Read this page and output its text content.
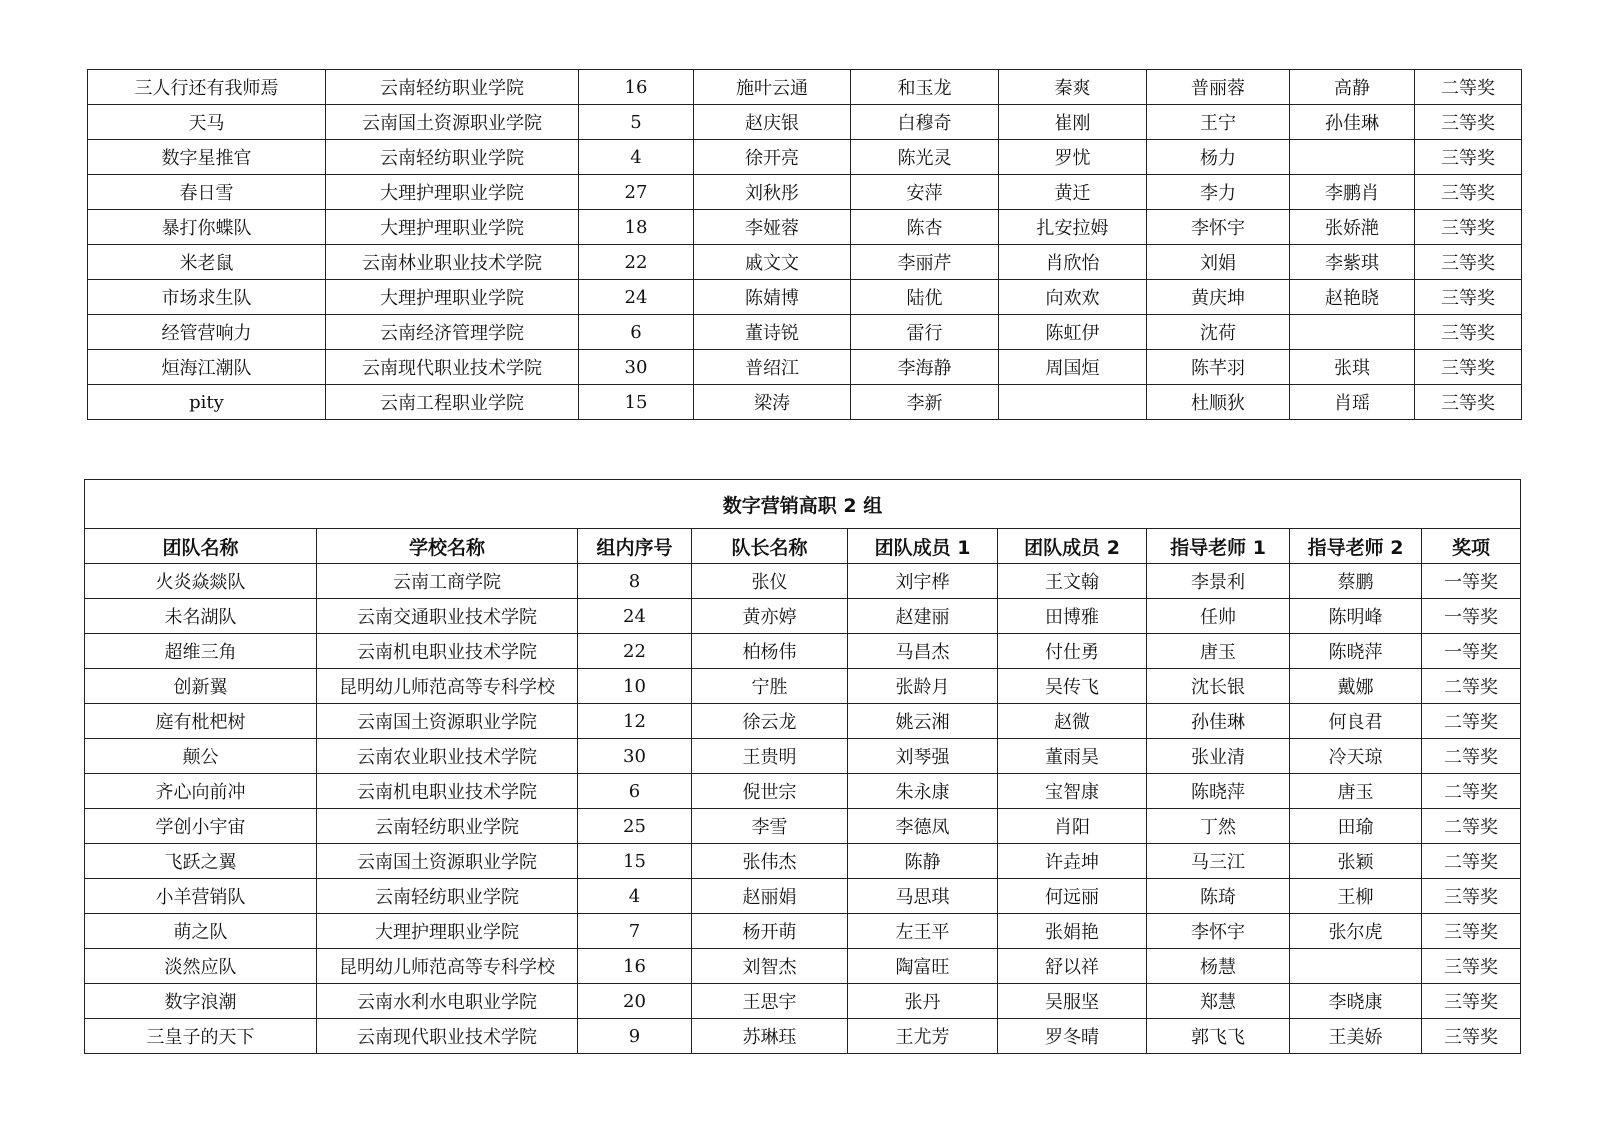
三人行还有我师焉	云南轻纺职业学院	16	施叶云通	和玉龙	秦爽	普丽蓉	高静	二等奖
天马	云南国土资源职业学院	5	赵庆银	白穆奇	崔刚	王宁	孙佳琳	三等奖
数字星推官	云南轻纺职业学院	4	徐开亮	陈光灵	罗忧	杨力		三等奖
春日雪	大理护理职业学院	27	刘秋彤	安萍	黄迁	李力	李鹏肖	三等奖
暴打你蝶队	大理护理职业学院	18	李娅蓉	陈杏	扎安拉姆	李怀宇	张娇滟	三等奖
米老鼠	云南林业职业技术学院	22	戚文文	李丽芹	肖欣怡	刘娟	李紫琪	三等奖
市场求生队	大理护理职业学院	24	陈婧博	陆优	向欢欢	黄庆坤	赵艳晓	三等奖
经管营响力	云南经济管理学院	6	董诗锐	雷行	陈虹伊	沈荷		三等奖
烜海江潮队	云南现代职业技术学院	30	普绍江	李海静	周国烜	陈芊羽	张琪	三等奖
pity	云南工程职业学院	15	梁涛	李新		杜顺狄	肖瑶	三等奖
数字营销高职 2 组								
团队名称	学校名称	组内序号	队长名称	团队成员 1	团队成员 2	指导老师 1	指导老师 2	奖项
火炎焱燚队	云南工商学院	8	张仪	刘宇桦	王文翰	李景利	蔡鹏	一等奖
未名湖队	云南交通职业技术学院	24	黄亦婷	赵建丽	田博雅	任帅	陈明峰	一等奖
超维三角	云南机电职业技术学院	22	柏杨伟	马昌杰	付仕勇	唐玉	陈晓萍	一等奖
创新翼	昆明幼儿师范高等专科学校	10	宁胜	张龄月	吴传飞	沈长银	戴娜	二等奖
庭有枇杷树	云南国土资源职业学院	12	徐云龙	姚云湘	赵微	孙佳琳	何良君	二等奖
颠公	云南农业职业技术学院	30	王贵明	刘琴强	董雨昊	张业清	冷天琼	二等奖
齐心向前冲	云南机电职业技术学院	6	倪世宗	朱永康	宝智康	陈晓萍	唐玉	二等奖
学创小宇宙	云南轻纺职业学院	25	李雪	李德凤	肖阳	丁然	田瑜	二等奖
飞跃之翼	云南国土资源职业学院	15	张伟杰	陈静	许垚坤	马三江	张颖	二等奖
小羊营销队	云南轻纺职业学院	4	赵丽娟	马思琪	何远丽	陈琦	王柳	三等奖
萌之队	大理护理职业学院	7	杨开萌	左王平	张娟艳	李怀宇	张尔虎	三等奖
淡然应队	昆明幼儿师范高等专科学校	16	刘智杰	陶富旺	舒以祥	杨慧		三等奖
数字浪潮	云南水利水电职业学院	20	王思宇	张丹	吴服坚	郑慧	李晓康	三等奖
三皇子的天下	云南现代职业技术学院	9	苏琳珏	王尤芳	罗冬晴	郭飞飞	王美娇	三等奖
